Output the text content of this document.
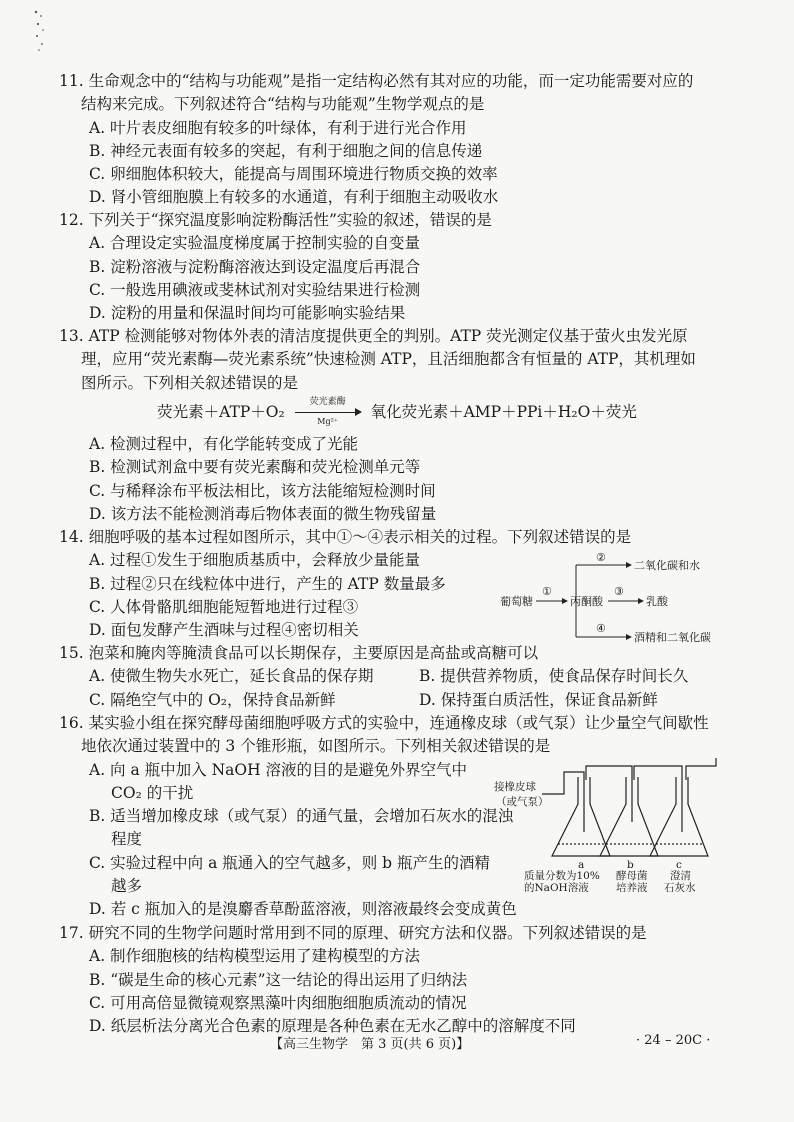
11. 生命观念中的“结构与功能观”是指一定结构必然有其对应的功能，而一定功能需要对应的
结构来完成。下列叙述符合“结构与功能观”生物学观点的是
A. 叶片表皮细胞有较多的叶绿体，有利于进行光合作用
B. 神经元表面有较多的突起，有利于细胞之间的信息传递
C. 卵细胞体积较大，能提高与周围环境进行物质交换的效率
D. 肾小管细胞膜上有较多的水通道，有利于细胞主动吸收水
12. 下列关于“探究温度影响淀粉酶活性”实验的叙述，错误的是
A. 合理设定实验温度梯度属于控制实验的自变量
B. 淀粉溶液与淀粉酶溶液达到设定温度后再混合
C. 一般选用碘液或斐林试剂对实验结果进行检测
D. 淀粉的用量和保温时间均可能影响实验结果
13. ATP 检测能够对物体外表的清洁度提供更全的判别。ATP 荧光测定仪基于萤火虫发光原
理，应用“荧光素酶—荧光素系统”快速检测 ATP，且活细胞都含有恒量的 ATP，其机理如
图所示。下列相关叙述错误的是
荧光素＋ATP＋O₂
荧光素酶
Mg²⁺
氧化荧光素＋AMP＋PPi＋H₂O＋荧光
A. 检测过程中，有化学能转变成了光能
B. 检测试剂盒中要有荧光素酶和荧光检测单元等
C. 与稀释涂布平板法相比，该方法能缩短检测时间
D. 该方法不能检测消毒后物体表面的微生物残留量
14. 细胞呼吸的基本过程如图所示，其中①～④表示相关的过程。下列叙述错误的是
A. 过程①发生于细胞质基质中，会释放少量能量
B. 过程②只在线粒体中进行，产生的 ATP 数量最多
C. 人体骨骼肌细胞能短暂地进行过程③
D. 面包发酵产生酒味与过程④密切相关
葡萄糖
①
丙酮酸
②
二氧化碳和水
③
乳酸
④
酒精和二氧化碳
15. 泡菜和腌肉等腌渍食品可以长期保存，主要原因是高盐或高糖可以
A. 使微生物失水死亡，延长食品的保存期	B. 提供营养物质，使食品保存时间长久
C. 隔绝空气中的 O₂，保持食品新鲜	D. 保持蛋白质活性，保证食品新鲜
16. 某实验小组在探究酵母菌细胞呼吸方式的实验中，连通橡皮球（或气泵）让少量空气间歇性
地依次通过装置中的 3 个锥形瓶，如图所示。下列相关叙述错误的是
A. 向 a 瓶中加入 NaOH 溶液的目的是避免外界空气中
CO₂ 的干扰
B. 适当增加橡皮球（或气泵）的通气量，会增加石灰水的混浊
程度
C. 实验过程中向 a 瓶通入的空气越多，则 b 瓶产生的酒精
越多
D. 若 c 瓶加入的是溴麝香草酚蓝溶液，则溶液最终会变成黄色
接橡皮球
（或气泵）
a	b	c
质量分数为10%
的NaOH溶液
酵母菌
培养液
澄清
石灰水
17. 研究不同的生物学问题时常用到不同的原理、研究方法和仪器。下列叙述错误的是
A. 制作细胞核的结构模型运用了建构模型的方法
B. “碳是生命的核心元素”这一结论的得出运用了归纳法
C. 可用高倍显微镜观察黑藻叶肉细胞细胞质流动的情况
D. 纸层析法分离光合色素的原理是各种色素在无水乙醇中的溶解度不同
【高三生物学　第 3 页(共 6 页)】	· 24 – 20C ·
